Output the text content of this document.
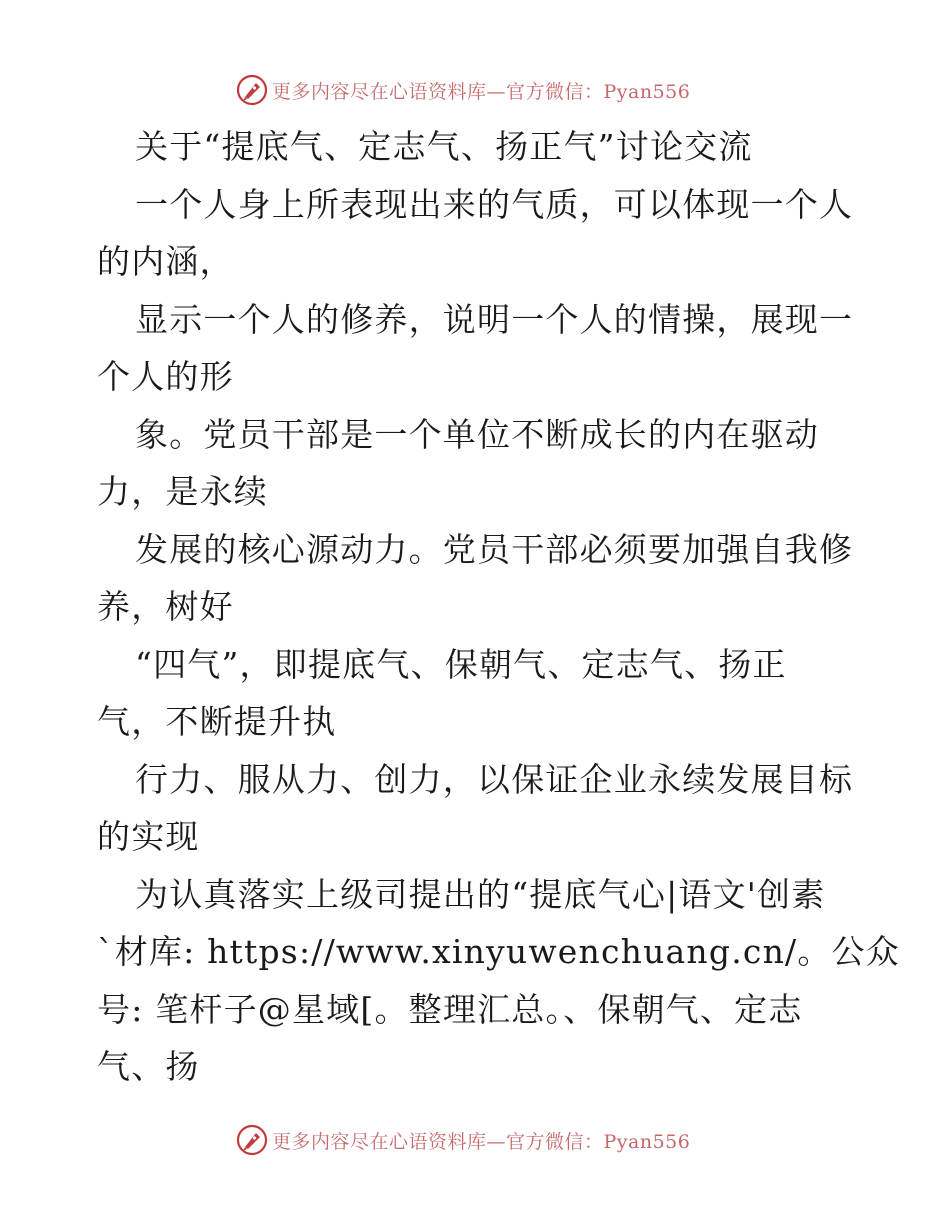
更多内容尽在心语资料库—官方微信：Pyan556
关于“提底气、定志气、扬正气”讨论交流
一个人身上所表现出来的气质，可以体现一个人
的内涵，
显示一个人的修养，说明一个人的情操，展现一
个人的形
象。党员干部是一个单位不断成长的内在驱动
力，是永续
发展的核心源动力。党员干部必须要加强自我修
养，树好
“四气”，即提底气、保朝气、定志气、扬正
气，不断提升执
行力、服从力、创力，以保证企业永续发展目标
的实现
为认真落实上级司提出的“提底气心|语文'创素
`材库: https://www.xinyuwenchuang.cn/。公众
号: 笔杆子@星域[。整理汇总。、保朝气、定志
气、扬
更多内容尽在心语资料库—官方微信：Pyan556
